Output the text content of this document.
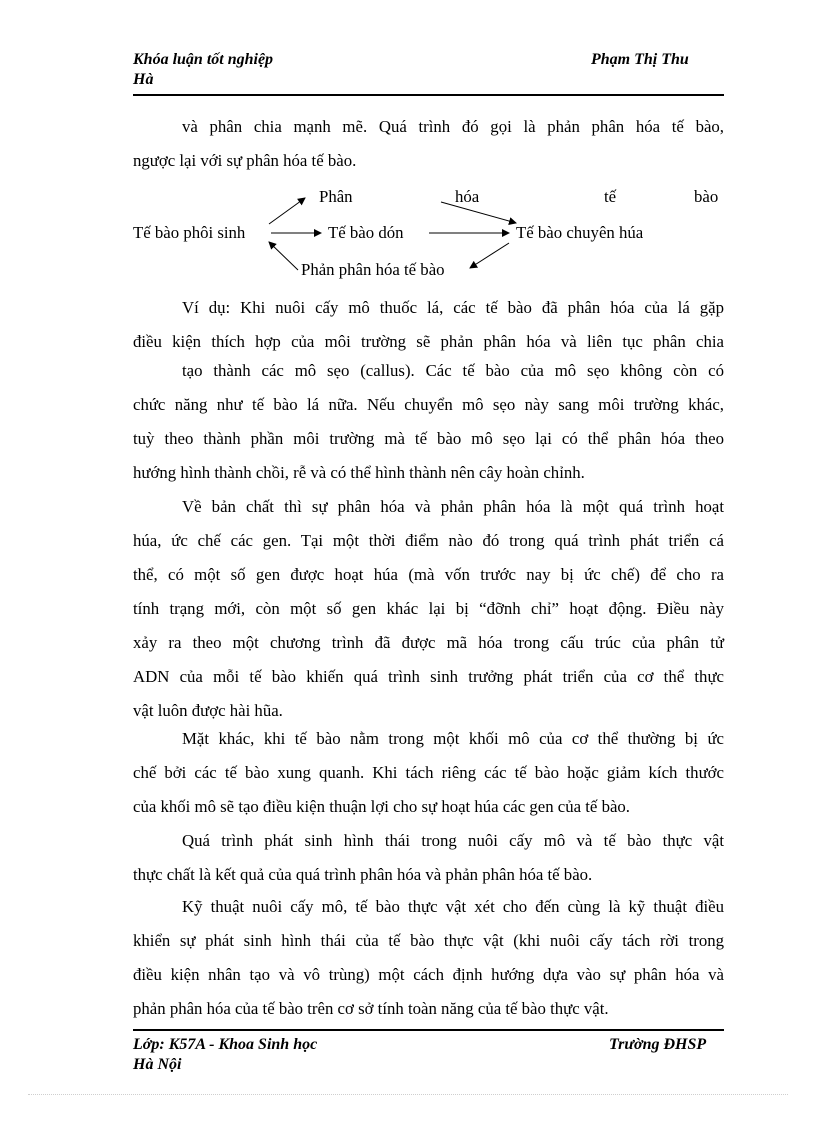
Khóa luận tốt nghiệp
Hà
Phạm Thị Thu

và phân chia mạnh mẽ. Quá trình đó gọi là phản phân hóa tế bào,
ngược lại với sự phân hóa tế bào.

Phân	hóa	tế	bào
Tế bào phôi sinh	Tế bào dón	Tế bào chuyên húa
Phản phân hóa tế bào

Ví dụ: Khi nuôi cấy mô thuốc lá, các tế bào đã phân hóa của lá gặp
điều kiện thích hợp của môi trường sẽ phản phân hóa và liên tục phân chia

tạo thành các mô sẹo (callus). Các tế bào của mô sẹo không còn có
chức năng như tế bào lá nữa. Nếu chuyển mô sẹo này sang môi trường khác,
tuỳ theo thành phần môi trường mà tế bào mô sẹo lại có thể phân hóa theo
hướng hình thành chồi, rễ và có thể hình thành nên cây hoàn chỉnh.

Về bản chất thì sự phân hóa và phản phân hóa là một quá trình hoạt
húa, ức chế các gen. Tại một thời điểm nào đó trong quá trình phát triển cá
thể, có một số gen được hoạt húa (mà vốn trước nay bị ức chế) để cho ra
tính trạng mới, còn một số gen khác lại bị “đỡnh chỉ” hoạt động. Điều này
xảy ra theo một chương trình đã được mã hóa trong cấu trúc của phân tử
ADN của mỗi tế bào khiến quá trình sinh trưởng phát triển của cơ thể thực
vật luôn được hài hũa.

Mặt khác, khi tế bào nằm trong một khối mô của cơ thể thường bị ức
chế bởi các tế bào xung quanh. Khi tách riêng các tế bào hoặc giảm kích thước
của khối mô sẽ tạo điều kiện thuận lợi cho sự hoạt húa các gen của tế bào.

Quá trình phát sinh hình thái trong nuôi cấy mô và tế bào thực vật
thực chất là kết quả của quá trình phân hóa và phản phân hóa tế bào.

Kỹ thuật nuôi cấy mô, tế bào thực vật xét cho đến cùng là kỹ thuật điều
khiển sự phát sinh hình thái của tế bào thực vật (khi nuôi cấy tách rời trong
điều kiện nhân tạo và vô trùng) một cách định hướng dựa vào sự phân hóa và
phản phân hóa của tế bào trên cơ sở tính toàn năng của tế bào thực vật.

Lớp: K57A - Khoa Sinh học
Hà Nội
Trường ĐHSP
